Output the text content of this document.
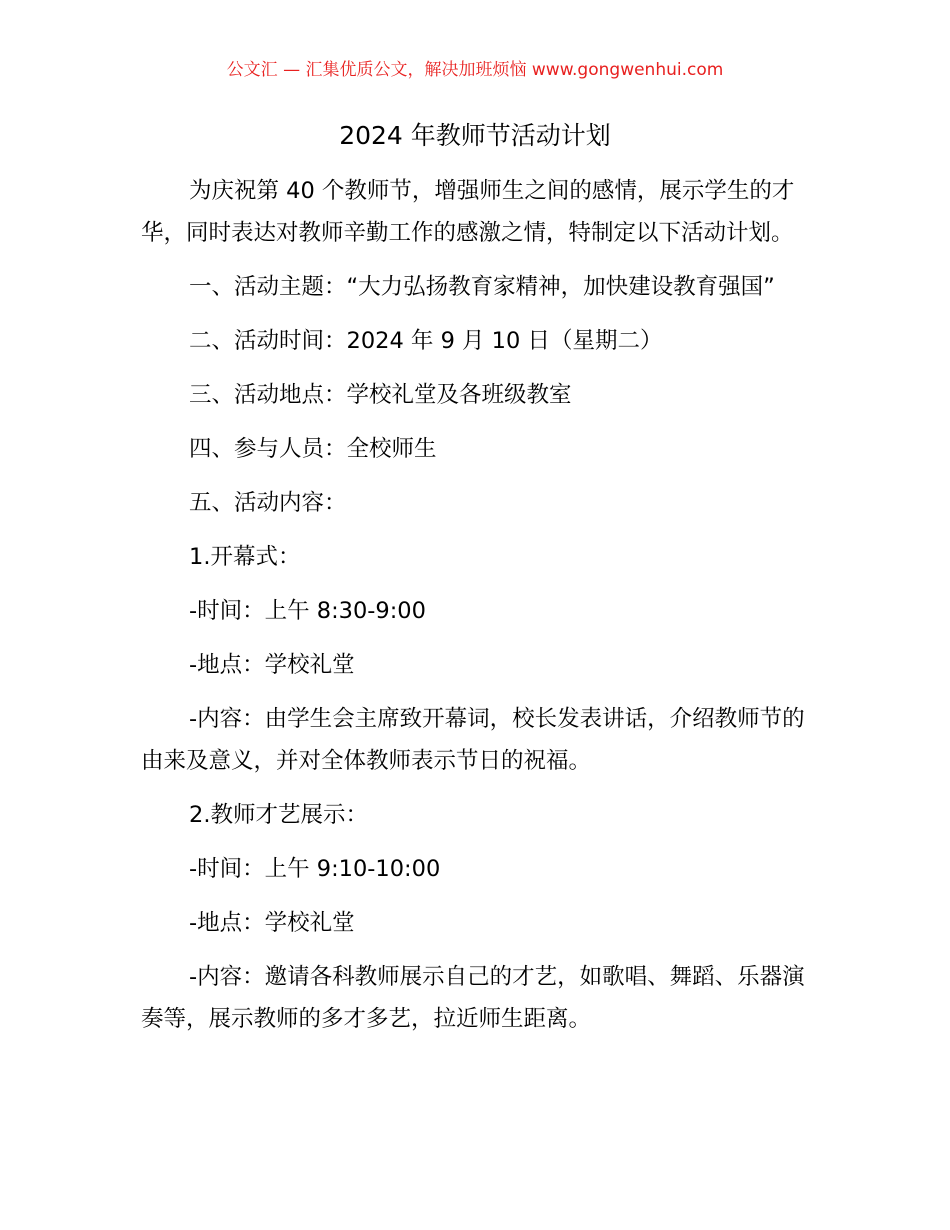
公文汇 — 汇集优质公文，解决加班烦恼 www.gongwenhui.com
2024 年教师节活动计划

为庆祝第 40 个教师节，增强师生之间的感情，展示学生的才华，同时表达对教师辛勤工作的感激之情，特制定以下活动计划。

一、活动主题：“大力弘扬教育家精神，加快建设教育强国”

二、活动时间：2024 年 9 月 10 日（星期二）

三、活动地点：学校礼堂及各班级教室

四、参与人员：全校师生

五、活动内容：

1.开幕式：

-时间：上午 8:30-9:00

-地点：学校礼堂

-内容：由学生会主席致开幕词，校长发表讲话，介绍教师节的由来及意义，并对全体教师表示节日的祝福。

2.教师才艺展示：

-时间：上午 9:10-10:00

-地点：学校礼堂

-内容：邀请各科教师展示自己的才艺，如歌唱、舞蹈、乐器演奏等，展示教师的多才多艺，拉近师生距离。
